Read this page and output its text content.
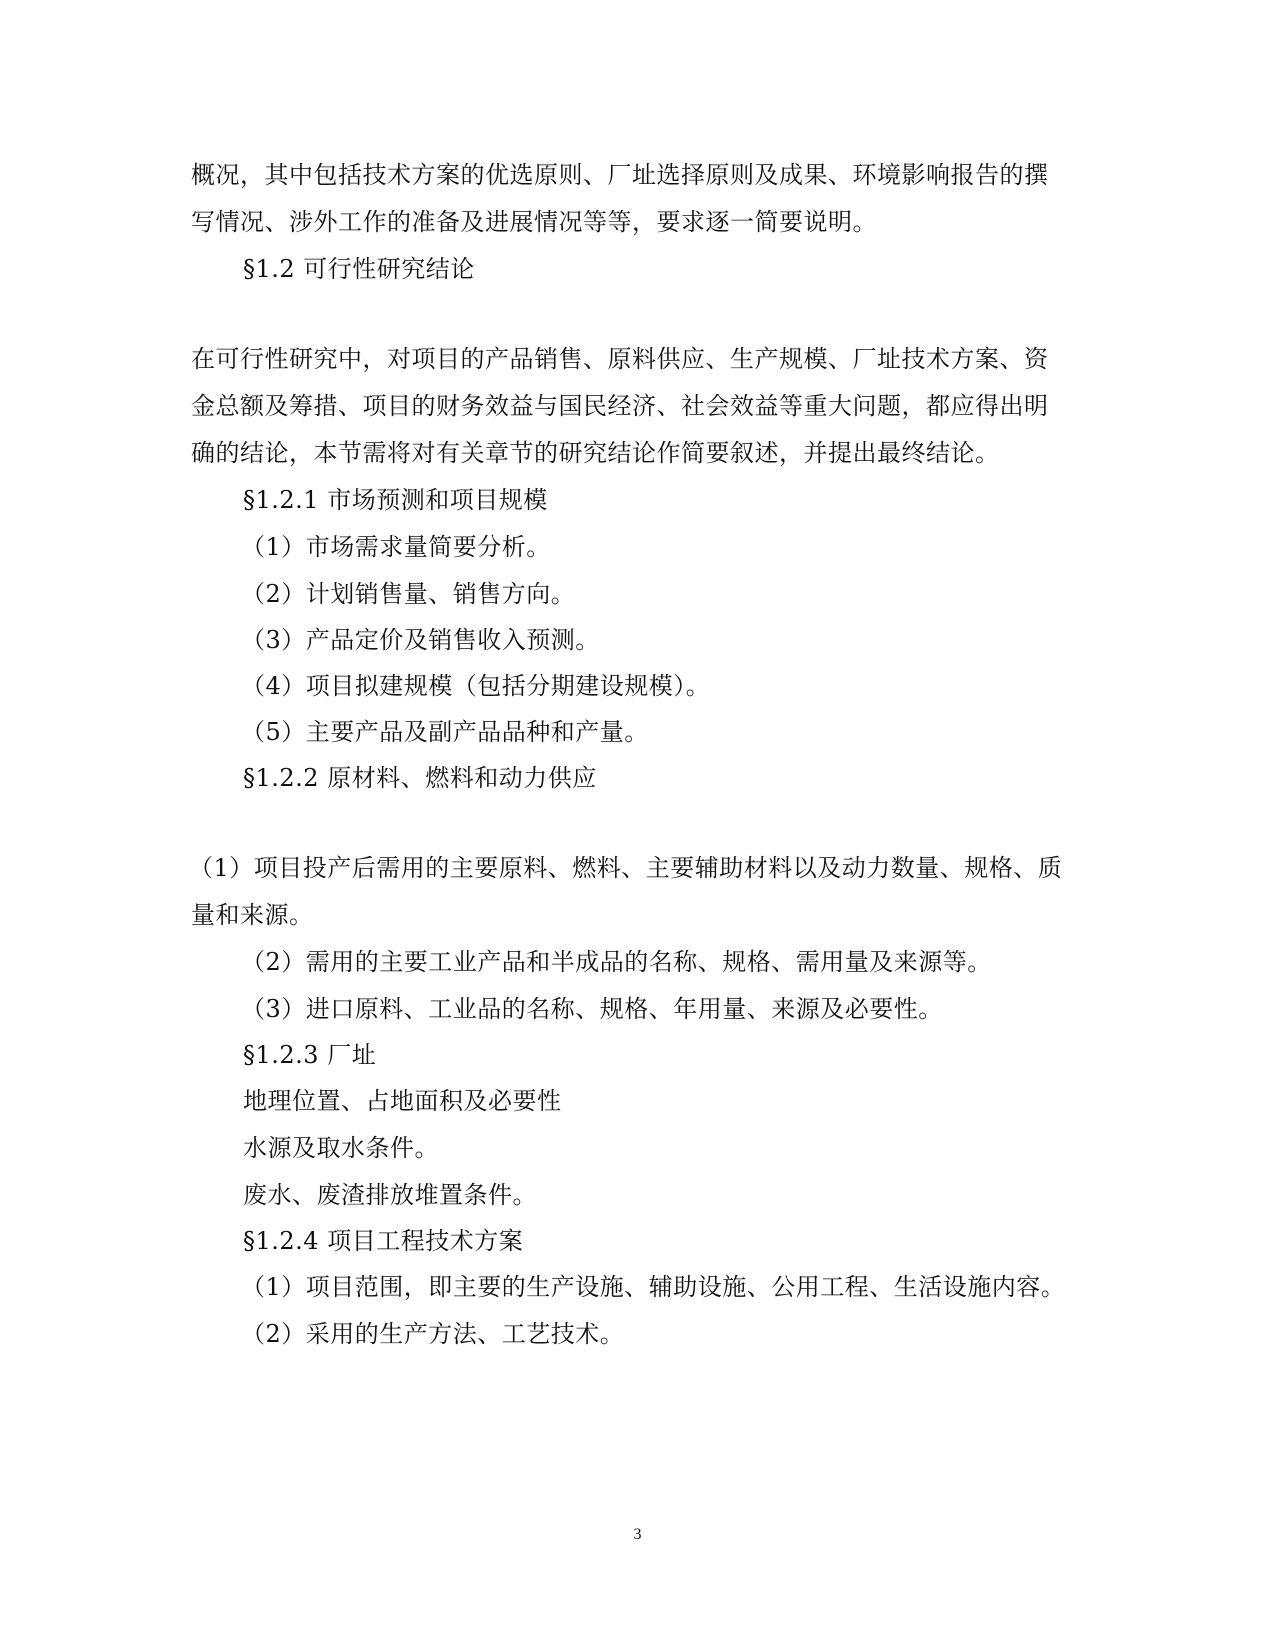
概况，其中包括技术方案的优选原则、厂址选择原则及成果、环境影响报告的撰
写情况、涉外工作的准备及进展情况等等，要求逐一简要说明。
§1.2 可行性研究结论
在可行性研究中，对项目的产品销售、原料供应、生产规模、厂址技术方案、资
金总额及筹措、项目的财务效益与国民经济、社会效益等重大问题，都应得出明
确的结论，本节需将对有关章节的研究结论作简要叙述，并提出最终结论。
§1.2.1 市场预测和项目规模
（1）市场需求量简要分析。
（2）计划销售量、销售方向。
（3）产品定价及销售收入预测。
（4）项目拟建规模（包括分期建设规模）。
（5）主要产品及副产品品种和产量。
§1.2.2 原材料、燃料和动力供应
（1）项目投产后需用的主要原料、燃料、主要辅助材料以及动力数量、规格、质
量和来源。
（2）需用的主要工业产品和半成品的名称、规格、需用量及来源等。
（3）进口原料、工业品的名称、规格、年用量、来源及必要性。
§1.2.3 厂址
地理位置、占地面积及必要性
水源及取水条件。
废水、废渣排放堆置条件。
§1.2.4 项目工程技术方案
（1）项目范围，即主要的生产设施、辅助设施、公用工程、生活设施内容。
（2）采用的生产方法、工艺技术。
3
